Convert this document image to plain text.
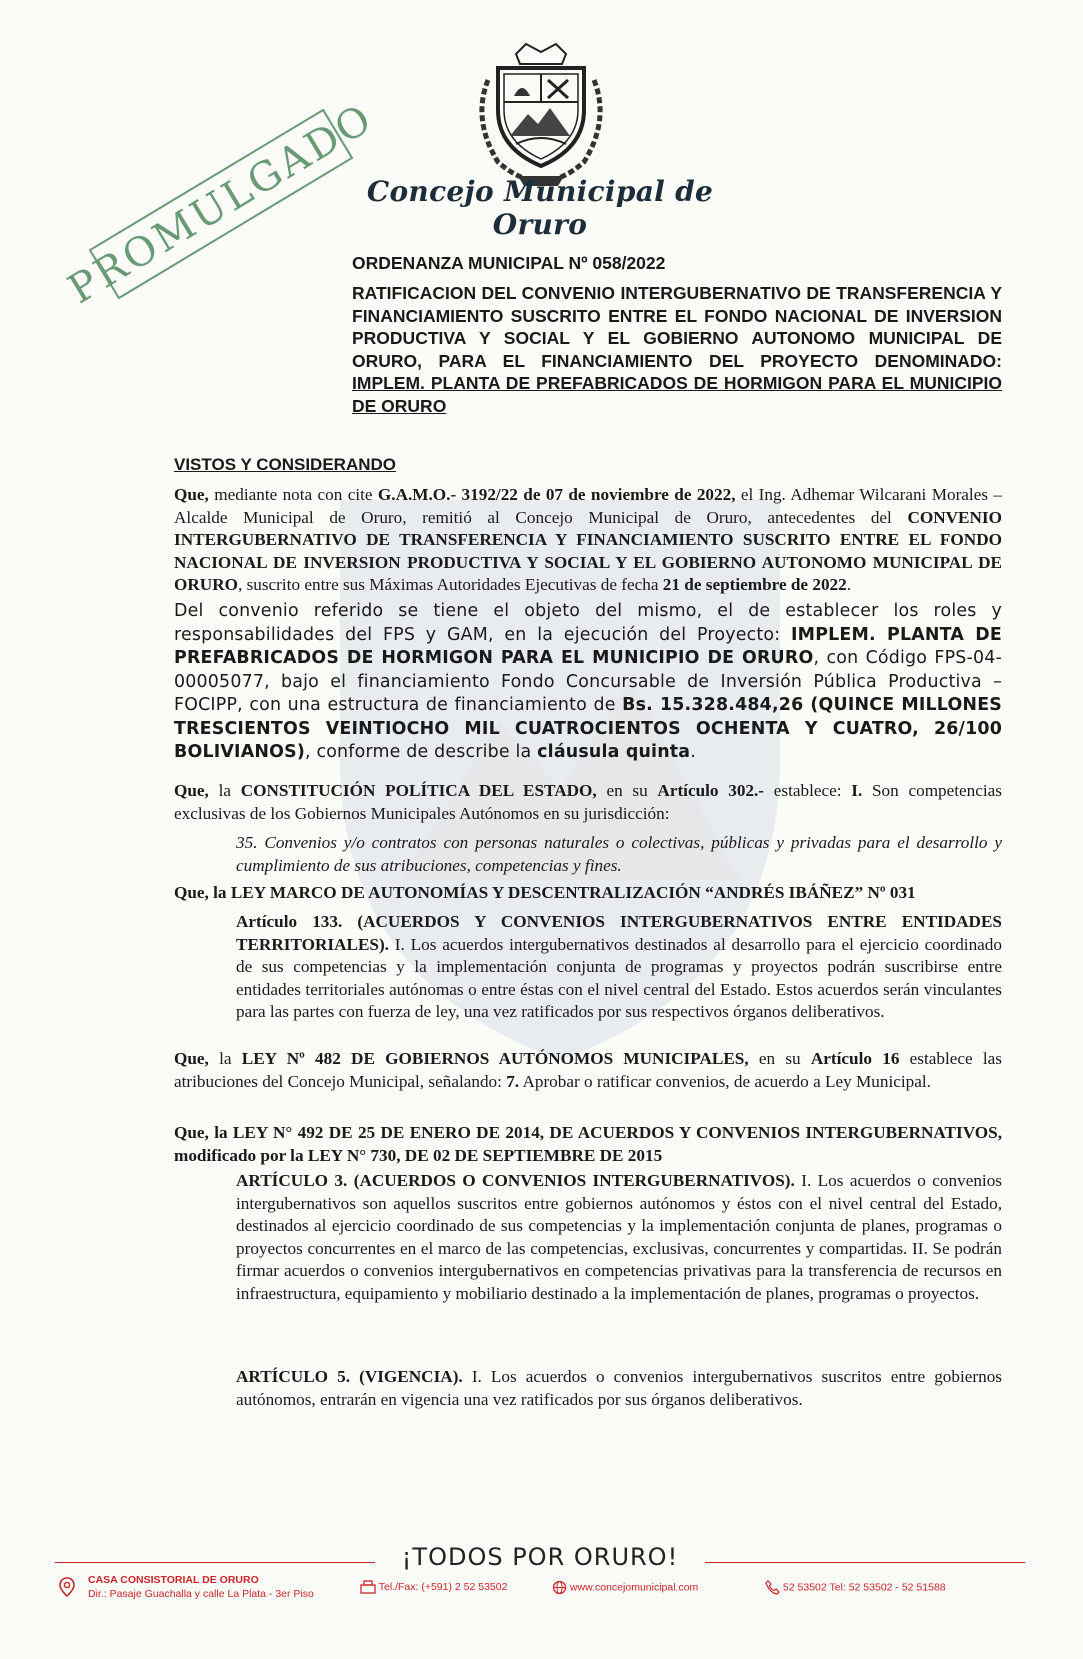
Concejo Municipal de Oruro
PROMULGADO
ORDENANZA MUNICIPAL Nº 058/2022
RATIFICACION DEL CONVENIO INTERGUBERNATIVO DE TRANSFERENCIA Y FINANCIAMIENTO SUSCRITO ENTRE EL FONDO NACIONAL DE INVERSION PRODUCTIVA Y SOCIAL Y EL GOBIERNO AUTONOMO MUNICIPAL DE ORURO, PARA EL FINANCIAMIENTO DEL PROYECTO DENOMINADO: IMPLEM. PLANTA DE PREFABRICADOS DE HORMIGON PARA EL MUNICIPIO DE ORURO
VISTOS Y CONSIDERANDO
Que, mediante nota con cite G.A.M.O.- 3192/22 de 07 de noviembre de 2022, el Ing. Adhemar Wilcarani Morales – Alcalde Municipal de Oruro, remitió al Concejo Municipal de Oruro, antecedentes del CONVENIO INTERGUBERNATIVO DE TRANSFERENCIA Y FINANCIAMIENTO SUSCRITO ENTRE EL FONDO NACIONAL DE INVERSION PRODUCTIVA Y SOCIAL Y EL GOBIERNO AUTONOMO MUNICIPAL DE ORURO, suscrito entre sus Máximas Autoridades Ejecutivas de fecha 21 de septiembre de 2022.
Del convenio referido se tiene el objeto del mismo, el de establecer los roles y responsabilidades del FPS y GAM, en la ejecución del Proyecto: IMPLEM. PLANTA DE PREFABRICADOS DE HORMIGON PARA EL MUNICIPIO DE ORURO, con Código FPS-04-00005077, bajo el financiamiento Fondo Concursable de Inversión Pública Productiva – FOCIPP, con una estructura de financiamiento de Bs. 15.328.484,26 (QUINCE MILLONES TRESCIENTOS VEINTIOCHO MIL CUATROCIENTOS OCHENTA Y CUATRO, 26/100 BOLIVIANOS), conforme de describe la cláusula quinta.
Que, la CONSTITUCIÓN POLÍTICA DEL ESTADO, en su Artículo 302.- establece: I. Son competencias exclusivas de los Gobiernos Municipales Autónomos en su jurisdicción:
35. Convenios y/o contratos con personas naturales o colectivas, públicas y privadas para el desarrollo y cumplimiento de sus atribuciones, competencias y fines.
Que, la LEY MARCO DE AUTONOMÍAS Y DESCENTRALIZACIÓN “ANDRÉS IBÁÑEZ” Nº 031
Artículo 133. (ACUERDOS Y CONVENIOS INTERGUBERNATIVOS ENTRE ENTIDADES TERRITORIALES). I. Los acuerdos intergubernativos destinados al desarrollo para el ejercicio coordinado de sus competencias y la implementación conjunta de programas y proyectos podrán suscribirse entre entidades territoriales autónomas o entre éstas con el nivel central del Estado. Estos acuerdos serán vinculantes para las partes con fuerza de ley, una vez ratificados por sus respectivos órganos deliberativos.
Que, la LEY Nº 482 DE GOBIERNOS AUTÓNOMOS MUNICIPALES, en su Artículo 16 establece las atribuciones del Concejo Municipal, señalando: 7. Aprobar o ratificar convenios, de acuerdo a Ley Municipal.
Que, la LEY N° 492 DE 25 DE ENERO DE 2014, DE ACUERDOS Y CONVENIOS INTERGUBERNATIVOS, modificado por la LEY N° 730, DE 02 DE SEPTIEMBRE DE 2015
ARTÍCULO 3. (ACUERDOS O CONVENIOS INTERGUBERNATIVOS). I. Los acuerdos o convenios intergubernativos son aquellos suscritos entre gobiernos autónomos y éstos con el nivel central del Estado, destinados al ejercicio coordinado de sus competencias y la implementación conjunta de planes, programas o proyectos concurrentes en el marco de las competencias, exclusivas, concurrentes y compartidas. II. Se podrán firmar acuerdos o convenios intergubernativos en competencias privativas para la transferencia de recursos en infraestructura, equipamiento y mobiliario destinado a la implementación de planes, programas o proyectos.
ARTÍCULO 5. (VIGENCIA). I. Los acuerdos o convenios intergubernativos suscritos entre gobiernos autónomos, entrarán en vigencia una vez ratificados por sus órganos deliberativos.
¡TODOS POR ORURO!
CASA CONSISTORIAL DE ORURO
Dir.: Pasaje Guachalla y calle La Plata - 3er Piso
Tel./Fax: (+591) 2 52 53502	www.concejomunicipal.com	52 53502 Tel: 52 53502 - 52 51588
